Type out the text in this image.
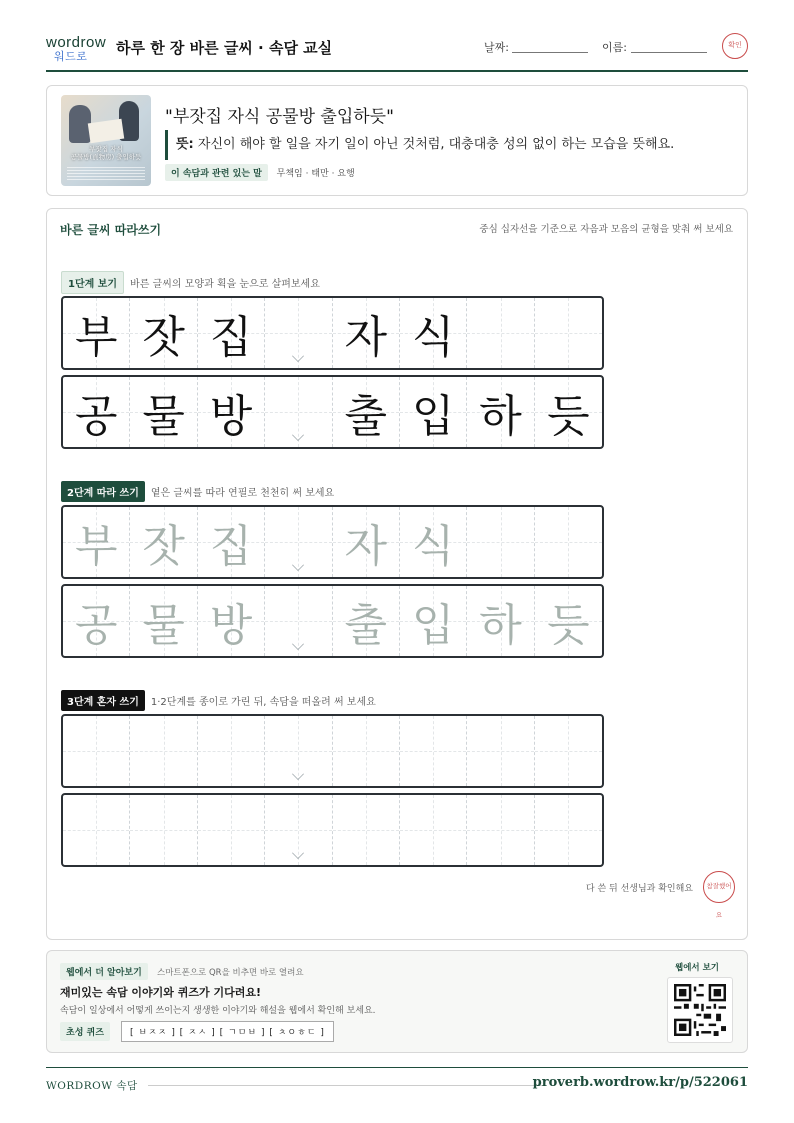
wordrow
워드로 하루 한 장 바른 글씨 · 속담 교실	날짜:	이름:	확인
부잣집 자식
공물방(貢物房) 출입하듯
"부잣집 자식 공물방 출입하듯"
뜻: 자신이 해야 할 일을 자기 일이 아닌 것처럼, 대충대충 성의 없이 하는 모습을 뜻해요.
이 속담과 관련 있는 말 무책임 · 태만 · 요행
바른 글씨 따라쓰기	중심 십자선을 기준으로 자음과 모음의 균형을 맞춰 써 보세요
1단계 보기	바른 글씨의 모양과 획을 눈으로 살펴보세요
부 잣 집 자 식
공 물 방 출 입 하 듯
2단계 따라 쓰기	옅은 글씨를 따라 연필로 천천히 써 보세요
부 잣 집 자 식
공 물 방 출 입 하 듯
3단계 혼자 쓰기	1·2단계를 종이로 가린 뒤, 속담을 떠올려 써 보세요
다 쓴 뒤 선생님과 확인해요	참잘했어요
웹에서 더 알아보기	스마트폰으로 QR을 비추면 바로 열려요
재미있는 속담 이야기와 퀴즈가 기다려요!
속담이 일상에서 어떻게 쓰이는지 생생한 이야기와 해설을 웹에서 확인해 보세요.
초성 퀴즈	[ ㅂㅈㅈ ] [ ㅈㅅ ] [ ㄱㅁㅂ ] [ ㅊㅇㅎㄷ ]
웹에서 보기
WORDROW 속담	proverb.wordrow.kr/p/522061
